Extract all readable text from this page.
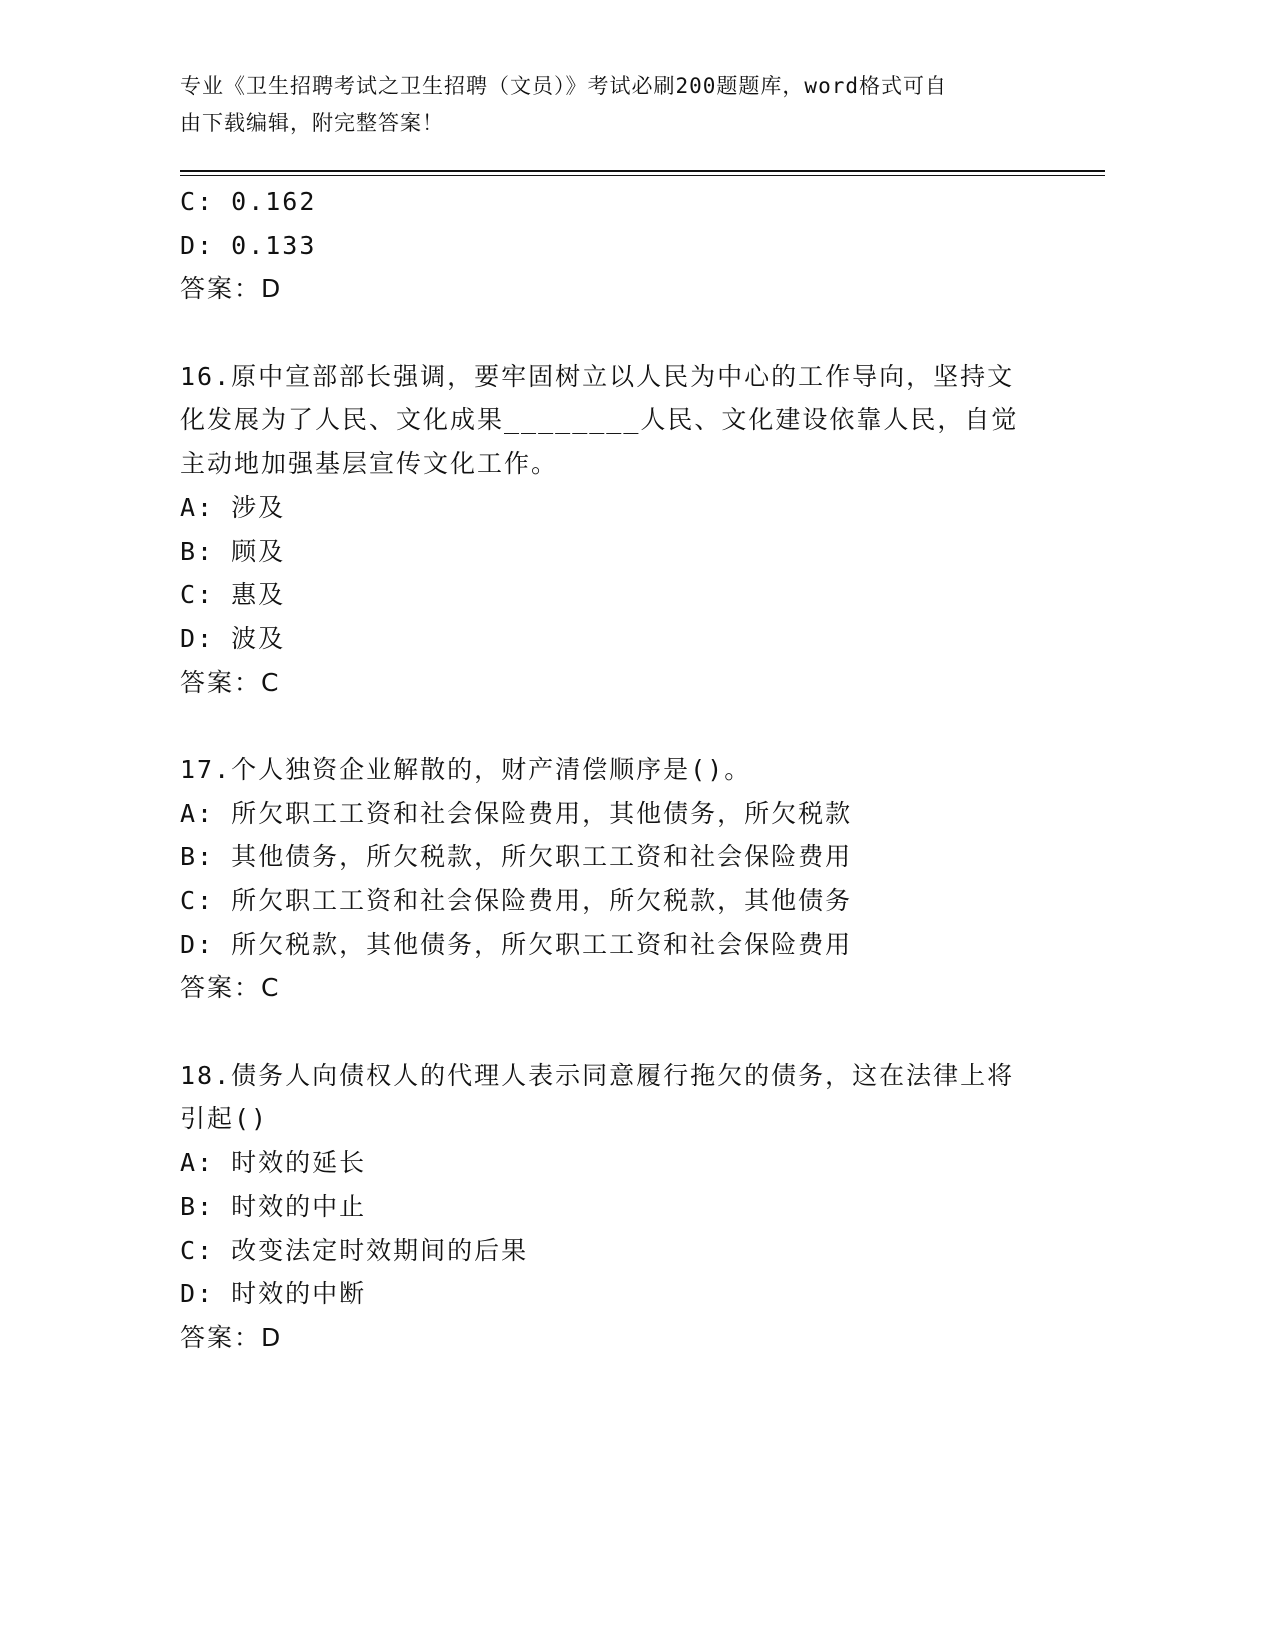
专业《卫生招聘考试之卫生招聘（文员）》考试必刷200题题库，word格式可自
由下载编辑，附完整答案！
C: 0.162
D: 0.133
答案：D
16.原中宣部部长强调，要牢固树立以人民为中心的工作导向，坚持文
化发展为了人民、文化成果________人民、文化建设依靠人民，自觉
主动地加强基层宣传文化工作。
A: 涉及
B: 顾及
C: 惠及
D: 波及
答案：C
17.个人独资企业解散的，财产清偿顺序是()。
A: 所欠职工工资和社会保险费用，其他债务，所欠税款
B: 其他债务，所欠税款，所欠职工工资和社会保险费用
C: 所欠职工工资和社会保险费用，所欠税款，其他债务
D: 所欠税款，其他债务，所欠职工工资和社会保险费用
答案：C
18.债务人向债权人的代理人表示同意履行拖欠的债务，这在法律上将
引起()
A: 时效的延长
B: 时效的中止
C: 改变法定时效期间的后果
D: 时效的中断
答案：D
